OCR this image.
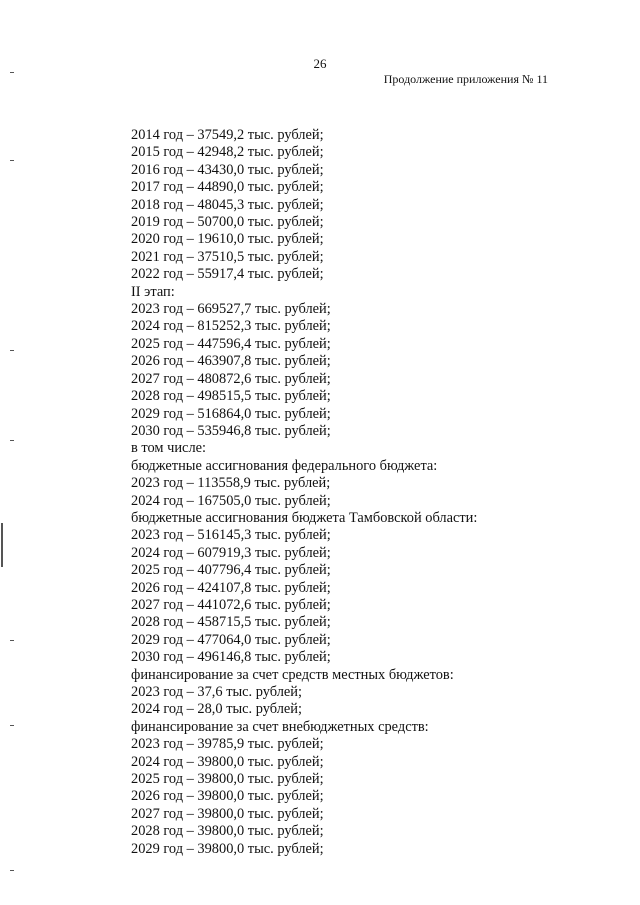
26
Продолжение приложения № 11
2014 год – 37549,2 тыс. рублей;
2015 год – 42948,2 тыс. рублей;
2016 год – 43430,0 тыс. рублей;
2017 год – 44890,0 тыс. рублей;
2018 год – 48045,3 тыс. рублей;
2019 год – 50700,0 тыс. рублей;
2020 год – 19610,0 тыс. рублей;
2021 год – 37510,5 тыс. рублей;
2022 год – 55917,4 тыс. рублей;
II этап:
2023 год – 669527,7 тыс. рублей;
2024 год – 815252,3 тыс. рублей;
2025 год – 447596,4 тыс. рублей;
2026 год – 463907,8 тыс. рублей;
2027 год – 480872,6 тыс. рублей;
2028 год – 498515,5 тыс. рублей;
2029 год – 516864,0 тыс. рублей;
2030 год – 535946,8 тыс. рублей;
в том числе:
бюджетные ассигнования федерального бюджета:
2023 год – 113558,9 тыс. рублей;
2024 год – 167505,0 тыс. рублей;
бюджетные ассигнования бюджета Тамбовской области:
2023 год – 516145,3 тыс. рублей;
2024 год – 607919,3 тыс. рублей;
2025 год – 407796,4 тыс. рублей;
2026 год – 424107,8 тыс. рублей;
2027 год – 441072,6 тыс. рублей;
2028 год – 458715,5 тыс. рублей;
2029 год – 477064,0 тыс. рублей;
2030 год – 496146,8 тыс. рублей;
финансирование за счет средств местных бюджетов:
2023 год – 37,6 тыс. рублей;
2024 год – 28,0 тыс. рублей;
финансирование за счет внебюджетных средств:
2023 год – 39785,9 тыс. рублей;
2024 год – 39800,0 тыс. рублей;
2025 год – 39800,0 тыс. рублей;
2026 год – 39800,0 тыс. рублей;
2027 год – 39800,0 тыс. рублей;
2028 год – 39800,0 тыс. рублей;
2029 год – 39800,0 тыс. рублей;
